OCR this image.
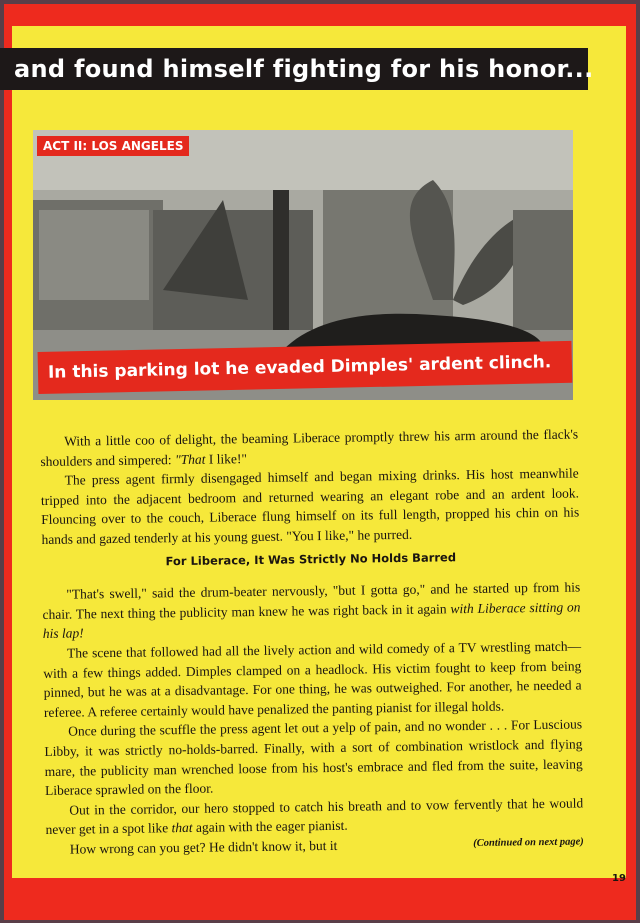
and found himself fighting for his honor...
ACT II: LOS ANGELES
In this parking lot he evaded Dimples' ardent clinch.

With a little coo of delight, the beaming Liberace promptly threw his arm around the flack's shoulders and simpered: "That I like!"

The press agent firmly disengaged himself and began mixing drinks. His host meanwhile tripped into the adjacent bedroom and returned wearing an elegant robe and an ardent look. Flouncing over to the couch, Liberace flung himself on its full length, propped his chin on his hands and gazed tenderly at his young guest. "You I like," he purred.

For Liberace, It Was Strictly No Holds Barred

"That's swell," said the drum-beater nervously, "but I gotta go," and he started up from his chair. The next thing the publicity man knew he was right back in it again with Liberace sitting on his lap!

The scene that followed had all the lively action and wild comedy of a TV wrestling match—with a few things added. Dimples clamped on a headlock. His victim fought to keep from being pinned, but he was at a disadvantage. For one thing, he was outweighed. For another, he needed a referee. A referee certainly would have penalized the panting pianist for illegal holds.

Once during the scuffle the press agent let out a yelp of pain, and no wonder . . . For Luscious Libby, it was strictly no-holds-barred. Finally, with a sort of combination wristlock and flying mare, the publicity man wrenched loose from his host's embrace and fled from the suite, leaving Liberace sprawled on the floor.

Out in the corridor, our hero stopped to catch his breath and to vow fervently that he would never get in a spot like that again with the eager pianist.

How wrong can you get? He didn't know it, but it	(Continued on next page)

19
